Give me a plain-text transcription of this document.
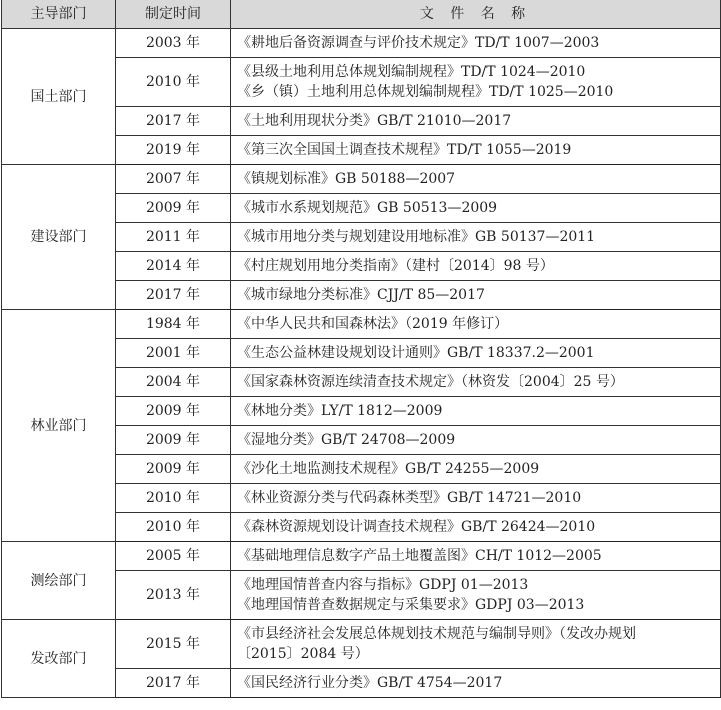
主导部门	制定时间	文 件 名 称
国土部门	2003 年	《耕地后备资源调查与评价技术规定》TD/T 1007—2003

	2010 年	《县级土地利用总体规划编制规程》TD/T 1024—2010
《乡（镇）土地利用总体规划编制规程》TD/T 1025—2010

	2017 年	《土地利用现状分类》GB/T 21010—2017

	2019 年	《第三次全国国土调查技术规程》TD/T 1055—2019

建设部门	2007 年	《镇规划标准》GB 50188—2007

	2009 年	《城市水系规划规范》GB 50513—2009

	2011 年	《城市用地分类与规划建设用地标准》GB 50137—2011

	2014 年	《村庄规划用地分类指南》（建村〔2014〕98 号）

	2017 年	《城市绿地分类标准》CJJ/T 85—2017

林业部门	1984 年	《中华人民共和国森林法》（2019 年修订）

	2001 年	《生态公益林建设规划设计通则》GB/T 18337.2—2001

	2004 年	《国家森林资源连续清查技术规定》（林资发〔2004〕25 号）

	2009 年	《林地分类》LY/T 1812—2009

	2009 年	《湿地分类》GB/T 24708—2009

	2009 年	《沙化土地监测技术规程》GB/T 24255—2009

	2010 年	《林业资源分类与代码森林类型》GB/T 14721—2010

	2010 年	《森林资源规划设计调查技术规程》GB/T 26424—2010

测绘部门	2005 年	《基础地理信息数字产品土地覆盖图》CH/T 1012—2005

	2013 年	《地理国情普查内容与指标》GDPJ 01—2013
《地理国情普查数据规定与采集要求》GDPJ 03—2013

发改部门	2015 年	《市县经济社会发展总体规划技术规范与编制导则》（发改办规划
〔2015〕2084 号）

	2017 年	《国民经济行业分类》GB/T 4754—2017
